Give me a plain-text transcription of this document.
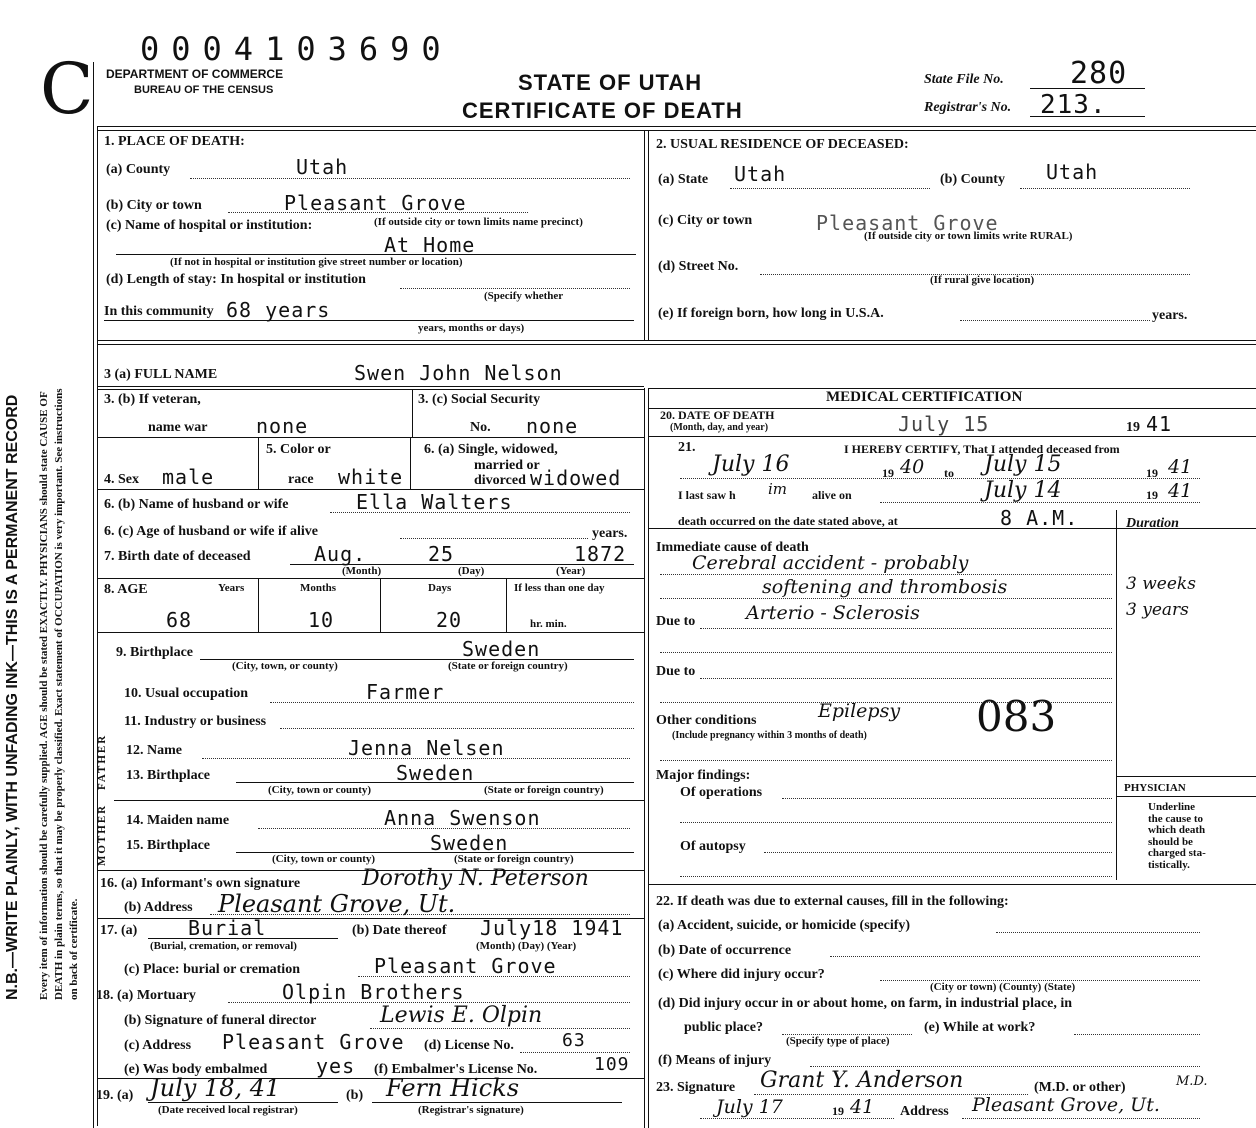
0004103690
C DEPARTMENT OF COMMERCE
BUREAU OF THE CENSUS	STATE OF UTAH
CERTIFICATE OF DEATH
State File No. 280
Registrar's No. 213.
N.B.—WRITE PLAINLY, WITH UNFADING INK—THIS IS A PERMANENT RECORD Every item of information should be carefully supplied. AGE should be stated EXACTLY. PHYSICIANS should state CAUSE OF DEATH in plain terms, so that it may be properly classified. Exact statement of OCCUPATION is very important. See instructions on back of certificate.
1. PLACE OF DEATH:
(a) County	Utah
(b) City or town	Pleasant Grove
(c) Name of hospital or institution:	(If outside city or town limits name precinct)
At Home
(If not in hospital or institution give street number or location)
(d) Length of stay: In hospital or institution
(Specify whether
In this community 68 years
years, months or days)
2. USUAL RESIDENCE OF DECEASED:
(a) State Utah	(b) County Utah
(c) City or town	Pleasant Grove
(If outside city or town limits write RURAL)
(d) Street No.
(If rural give location)
(e) If foreign born, how long in U.S.A.	years.
3 (a) FULL NAME	Swen John Nelson
3. (b) If veteran,
name war none
3. (c) Social Security
No. none
4. Sex male
5. Color or
race white
6. (a) Single, widowed,
married or
divorced widowed
6. (b) Name of husband or wife	Ella Walters
6. (c) Age of husband or wife if alive	years.
7. Birth date of deceased	Aug.	25	1872
(Month)	(Day)	(Year)
8. AGE	Years	Months	Days	If less than one day
68	10	20	hr. min.
9. Birthplace	Sweden
(City, town, or county)	(State or foreign country)
10. Usual occupation	Farmer
11. Industry or business
FATHER
MOTHER
12. Name	Jenna Nelsen
13. Birthplace	Sweden
(City, town or county)	(State or foreign country)
14. Maiden name	Anna Swenson
15. Birthplace	Sweden
(City, town or county)	(State or foreign country)
16. (a) Informant's own signature	Dorothy N. Peterson
(b) Address Pleasant Grove, Ut.
17. (a)	Burial
(Burial, cremation, or removal)
(b) Date thereof July18 1941
(Month) (Day) (Year)
(c) Place: burial or cremation	Pleasant Grove
18. (a) Mortuary	Olpin Brothers
(b) Signature of funeral director	Lewis E. Olpin
(c) Address Pleasant Grove (d) License No.	63
(e) Was body embalmed yes (f) Embalmer's License No.	109
19. (a) July 18, 41
(Date received local registrar)
(b) Fern Hicks
(Registrar's signature)
MEDICAL CERTIFICATION
20. DATE OF DEATH
(Month, day, and year)	July 15	19 41
21.	I HEREBY CERTIFY, That I attended deceased from
July 16	19 40 to July 15	19 41
I last saw h im alive on	July 14	19 41
death occurred on the date stated above, at	8 A.M.	Duration
Immediate cause of death
Cerebral accident - probably
softening and thrombosis	3 weeks
Due to	Arterio - Sclerosis	3 years
Due to
Other conditions
(Include pregnancy within 3 months of death)
Epilepsy 083
Major findings:
Of operations
Of autopsy
PHYSICIAN
Underline
the cause to
which death
should be
charged sta-
tistically.
22. If death was due to external causes, fill in the following:
(a) Accident, suicide, or homicide (specify)
(b) Date of occurrence
(c) Where did injury occur?
(City or town) (County) (State)
(d) Did injury occur in or about home, on farm, in industrial place, in
public place?
(Specify type of place)
(e) While at work?
(f) Means of injury
23. Signature Grant Y. Anderson	(M.D. or other)	M.D.
July 17	19 41 Address Pleasant Grove, Ut.
